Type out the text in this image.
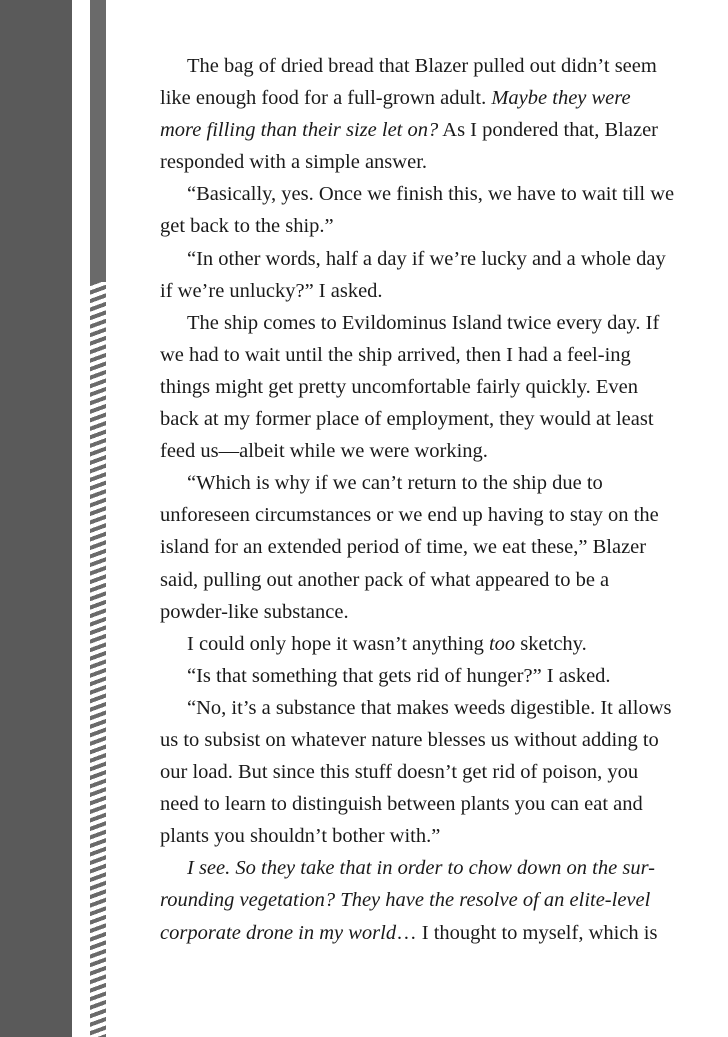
The bag of dried bread that Blazer pulled out didn’t seem like enough food for a full-grown adult. Maybe they were more filling than their size let on? As I pondered that, Blazer responded with a simple answer.

“Basically, yes. Once we finish this, we have to wait till we get back to the ship.”

“In other words, half a day if we’re lucky and a whole day if we’re unlucky?” I asked.

The ship comes to Evildominus Island twice every day. If we had to wait until the ship arrived, then I had a feel-ing things might get pretty uncomfortable fairly quickly. Even back at my former place of employment, they would at least feed us—albeit while we were working.

“Which is why if we can’t return to the ship due to unforeseen circumstances or we end up having to stay on the island for an extended period of time, we eat these,” Blazer said, pulling out another pack of what appeared to be a powder-like substance.

I could only hope it wasn’t anything too sketchy.

“Is that something that gets rid of hunger?” I asked.

“No, it’s a substance that makes weeds digestible. It allows us to subsist on whatever nature blesses us without adding to our load. But since this stuff doesn’t get rid of poison, you need to learn to distinguish between plants you can eat and plants you shouldn’t bother with.”

I see. So they take that in order to chow down on the sur-rounding vegetation? They have the resolve of an elite-level corporate drone in my world… I thought to myself, which is
